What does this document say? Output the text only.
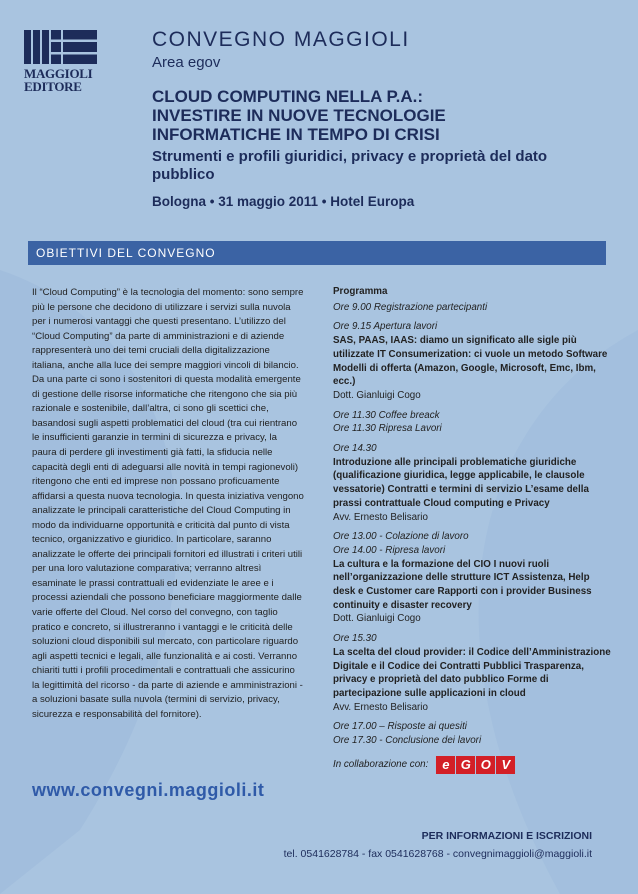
MAGGIOLI
EDITORE
CONVEGNO MAGGIOLI
Area egov
CLOUD COMPUTING NELLA P.A.:
INVESTIRE IN NUOVE TECNOLOGIE
INFORMATICHE IN TEMPO DI CRISI
Strumenti e profili giuridici, privacy e proprietà del dato pubblico
Bologna • 31 maggio 2011 • Hotel Europa
OBIETTIVI DEL CONVEGNO

Il “Cloud Computing” è la tecnologia del momento: sono sempre più le persone che decidono di utilizzare i servizi sulla nuvola per i numerosi vantaggi che questi presentano. L’utilizzo del “Cloud Computing” da parte di amministrazioni e di aziende rappresenterà uno dei temi cruciali della digitalizzazione italiana, anche alla luce dei sempre maggiori vincoli di bilancio. Da una parte ci sono i sostenitori di questa modalità emergente di gestione delle risorse informatiche che ritengono che sia più razionale e sostenibile, dall’altra, ci sono gli scettici che, basandosi sugli aspetti problematici del cloud (tra cui rientrano le insufficienti garanzie in termini di sicurezza e privacy, la paura di perdere gli investimenti già fatti, la sfiducia nelle capacità degli enti di adeguarsi alle novità in tempi ragionevoli) ritengono che enti ed imprese non possano proficuamente affidarsi a questa nuova tecnologia. In questa iniziativa vengono analizzate le principali caratteristiche del Cloud Computing in modo da individuarne opportunità e criticità dal punto di vista tecnico, organizzativo e giuridico. In particolare, saranno analizzate le offerte dei principali fornitori ed illustrati i criteri utili per una loro valutazione comparativa; verranno altresì esaminate le prassi contrattuali ed evidenziate le aree e i processi aziendali che possono beneficiare maggiormente dalle varie offerte del Cloud. Nel corso del convegno, con taglio pratico e concreto, si illustreranno i vantaggi e le criticità delle soluzioni cloud disponibili sul mercato, con particolare riguardo agli aspetti tecnici e legali, alle funzionalità e ai costi. Verranno chiariti tutti i profili procedimentali e contrattuali che assicurino la legittimità del ricorso - da parte di aziende e amministrazioni - a soluzioni basate sulla nuvola (termini di servizio, privacy, sicurezza e responsabilità del fornitore).

Programma
Ore 9.00 Registrazione partecipanti
Ore 9.15 Apertura lavori
SAS, PAAS, IAAS: diamo un significato alle sigle più utilizzate IT Consumerization: ci vuole un metodo Software Modelli di offerta (Amazon, Google, Microsoft, Emc, Ibm, ecc.)
Dott. Gianluigi Cogo
Ore 11.30 Coffee breack
Ore 11.30 Ripresa Lavori
Ore 14.30
Introduzione alle principali problematiche giuridiche (qualificazione giuridica, legge applicabile, le clausole vessatorie) Contratti e termini di servizio L’esame della prassi contrattuale Cloud computing e Privacy
Avv. Ernesto Belisario
Ore 13.00 - Colazione di lavoro
Ore 14.00 - Ripresa lavori
La cultura e la formazione del CIO I nuovi ruoli nell’organizzazione delle strutture ICT Assistenza, Help desk e Customer care Rapporti con i provider Business continuity e disaster recovery
Dott. Gianluigi Cogo
Ore 15.30
La scelta del cloud provider: il Codice dell’Amministrazione Digitale e il Codice dei Contratti Pubblici Trasparenza, privacy e proprietà del dato pubblico Forme di partecipazione sulle applicazioni in cloud
Avv. Ernesto Belisario
Ore 17.00 – Risposte ai quesiti
Ore 17.30 - Conclusione dei lavori
In collaborazione con:	e G O V
www.convegni.maggioli.it
PER INFORMAZIONI E ISCRIZIONI
tel. 0541628784 - fax 0541628768 - convegnimaggioli@maggioli.it
